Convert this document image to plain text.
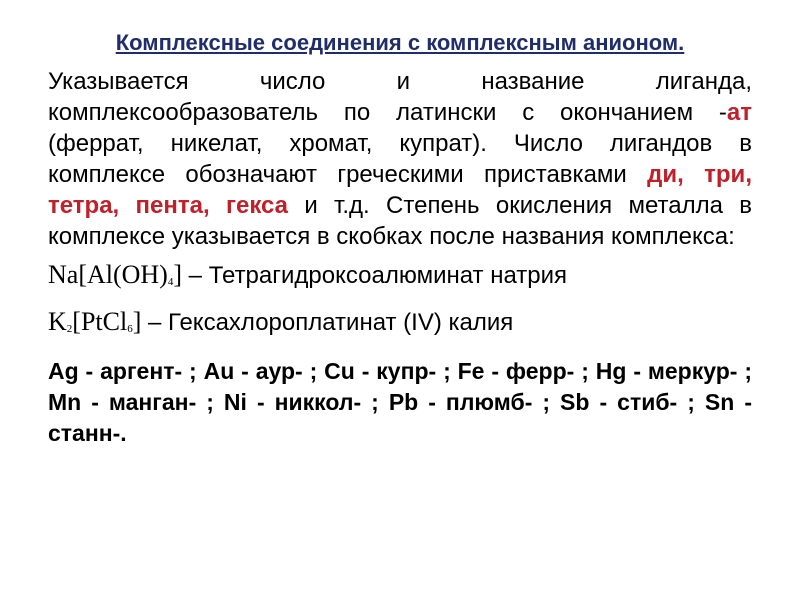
Комплексные соединения с комплексным анионом.

Указывается число и название лиганда, комплексообразователь по латински с окончанием -ат (феррат, никелат, хромат, купрат). Число лигандов в комплексе обозначают греческими приставками ди, три, тетра, пента, гекса и т.д. Степень окисления металла в комплексе указывается в скобках после названия комплекса:

Na[Al(OH)4] – Тетрагидроксоалюминат натрия

K2[PtCl6] – Гексахлороплатинат (IV) калия

Ag - аргент- ; Au - аур- ; Cu - купр- ; Fe - ферр- ; Hg - меркур- ; Mn - манган- ; Ni - никкол- ; Pb - плюмб- ; Sb - стиб- ; Sn - станн-.
